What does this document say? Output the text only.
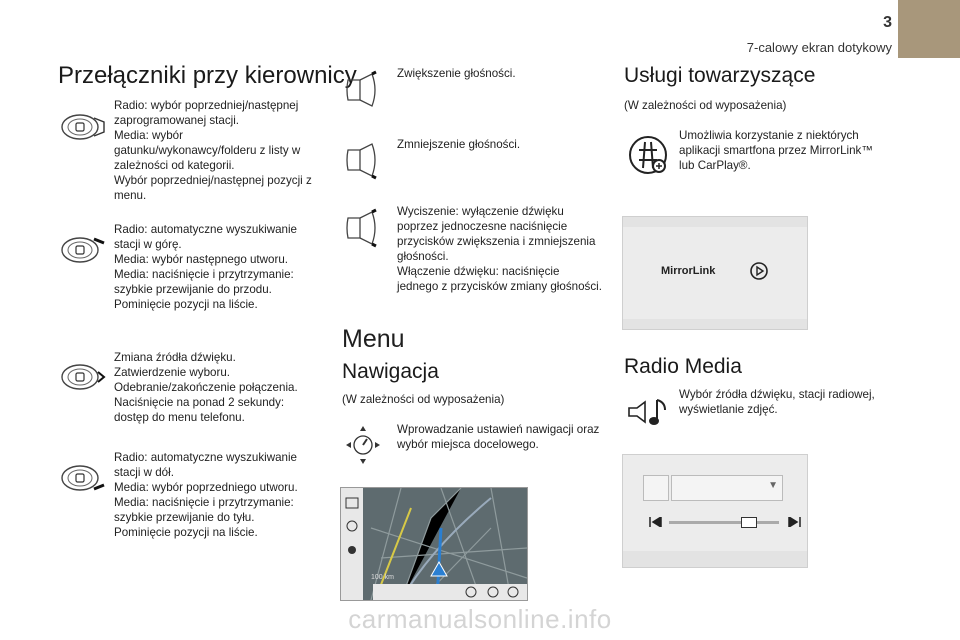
3
7-calowy ekran dotykowy
Przełączniki przy kierownicy
Radio: wybór poprzedniej/następnej zaprogramowanej stacji.
Media: wybór gatunku/wykonawcy/folderu z listy w zależności od kategorii.
Wybór poprzedniej/następnej pozycji z menu.
Radio: automatyczne wyszukiwanie stacji w górę.
Media: wybór następnego utworu.
Media: naciśnięcie i przytrzymanie: szybkie przewijanie do przodu.
Pominięcie pozycji na liście.
Zmiana źródła dźwięku.
Zatwierdzenie wyboru.
Odebranie/zakończenie połączenia.
Naciśnięcie na ponad 2 sekundy: dostęp do menu telefonu.
Radio: automatyczne wyszukiwanie stacji w dół.
Media: wybór poprzedniego utworu.
Media: naciśnięcie i przytrzymanie: szybkie przewijanie do tyłu.
Pominięcie pozycji na liście.
Zwiększenie głośności.
Zmniejszenie głośności.
Wyciszenie: wyłączenie dźwięku poprzez jednoczesne naciśnięcie przycisków zwiększenia i zmniejszenia głośności.
Włączenie dźwięku: naciśnięcie jednego z przycisków zmiany głośności.
Menu
Nawigacja
(W zależności od wyposażenia)
Wprowadzanie ustawień nawigacji oraz wybór miejsca docelowego.
100 km
Usługi towarzyszące
(W zależności od wyposażenia)
Umożliwia korzystanie z niektórych aplikacji smartfona przez MirrorLink™ lub CarPlay®.
MirrorLink
Radio Media
Wybór źródła dźwięku, stacji radiowej, wyświetlanie zdjęć.
▼
carmanualsonline.info
